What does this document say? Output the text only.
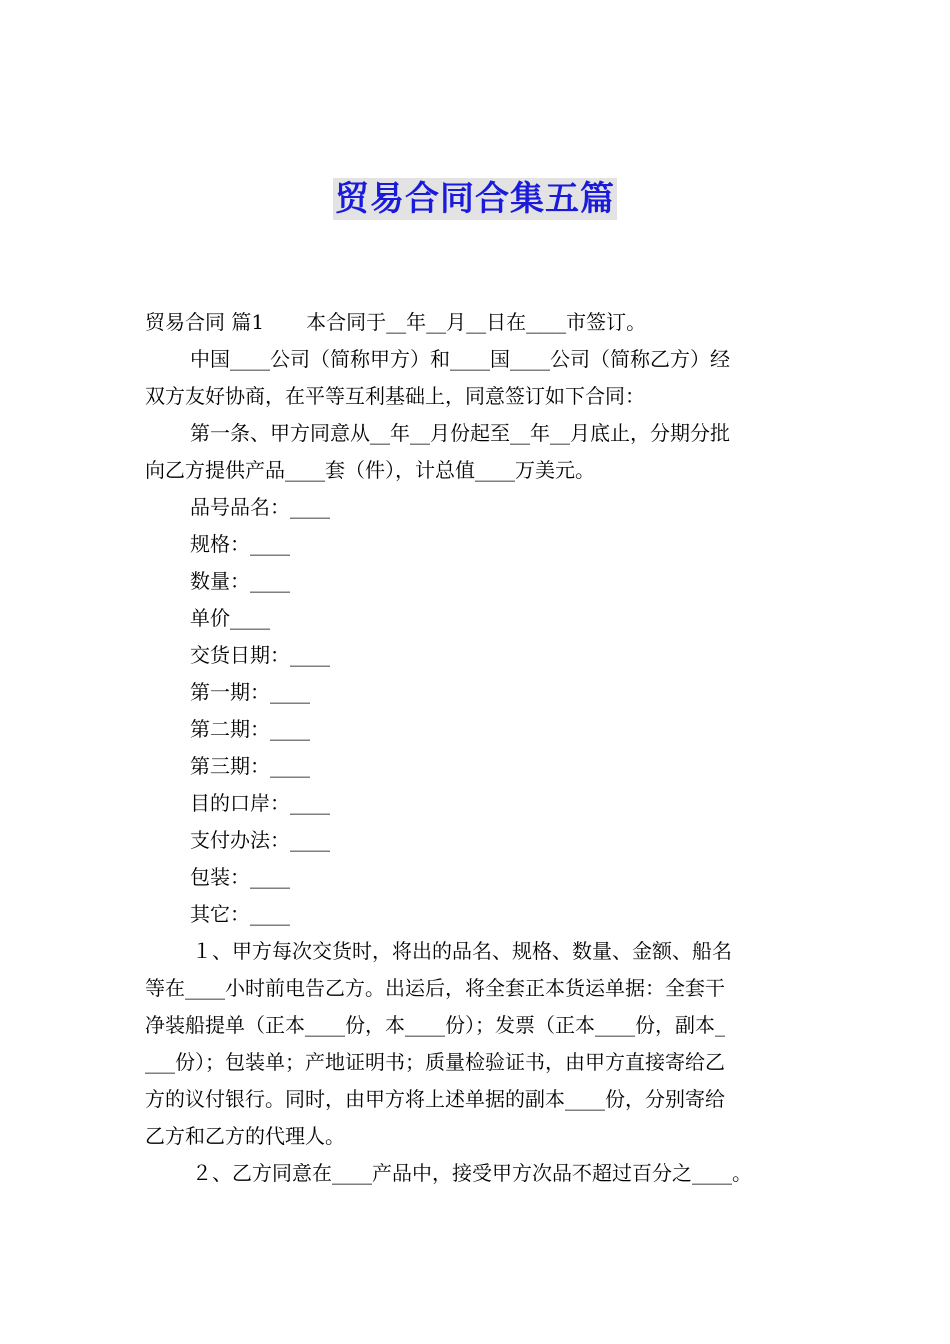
贸易合同合集五篇
贸易合同 篇1 本合同于__年__月__日在____市签订。
中国____公司（简称甲方）和____国____公司（简称乙方）经
双方友好协商，在平等互利基础上，同意签订如下合同：
第一条、甲方同意从__年__月份起至__年__月底止，分期分批
向乙方提供产品____套（件），计总值____万美元。
品号品名：____
规格：____
数量：____
单价____
交货日期：____
第一期：____
第二期：____
第三期：____
目的口岸：____
支付办法：____
包装：____
其它：____
１、甲方每次交货时，将出的品名、规格、数量、金额、船名
等在____小时前电告乙方。出运后，将全套正本货运单据：全套干
净装船提单（正本____份，本____份）；发票（正本____份，副本_
___份）；包装单；产地证明书；质量检验证书，由甲方直接寄给乙
方的议付银行。同时，由甲方将上述单据的副本____份，分别寄给
乙方和乙方的代理人。
２、乙方同意在____产品中，接受甲方次品不超过百分之____。
